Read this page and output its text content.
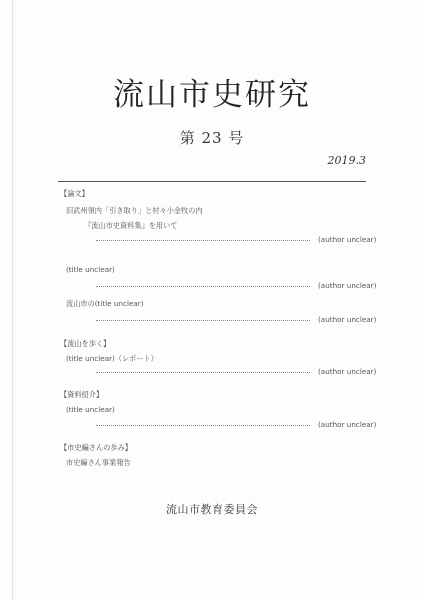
流山市史研究
第 23 号
2019.3
【論文】
旧武州領内「引き取り」と村々小金牧の内
『流山市史資料集』を用いて
(author unclear)
(title unclear)
(author unclear)
流山市の(title unclear)
(author unclear)
【流山を歩く】
(title unclear)（レポート）
(author unclear)
【資料紹介】
(title unclear)
(author unclear)
【市史編さんの歩み】
市史編さん事業報告
流山市教育委員会
